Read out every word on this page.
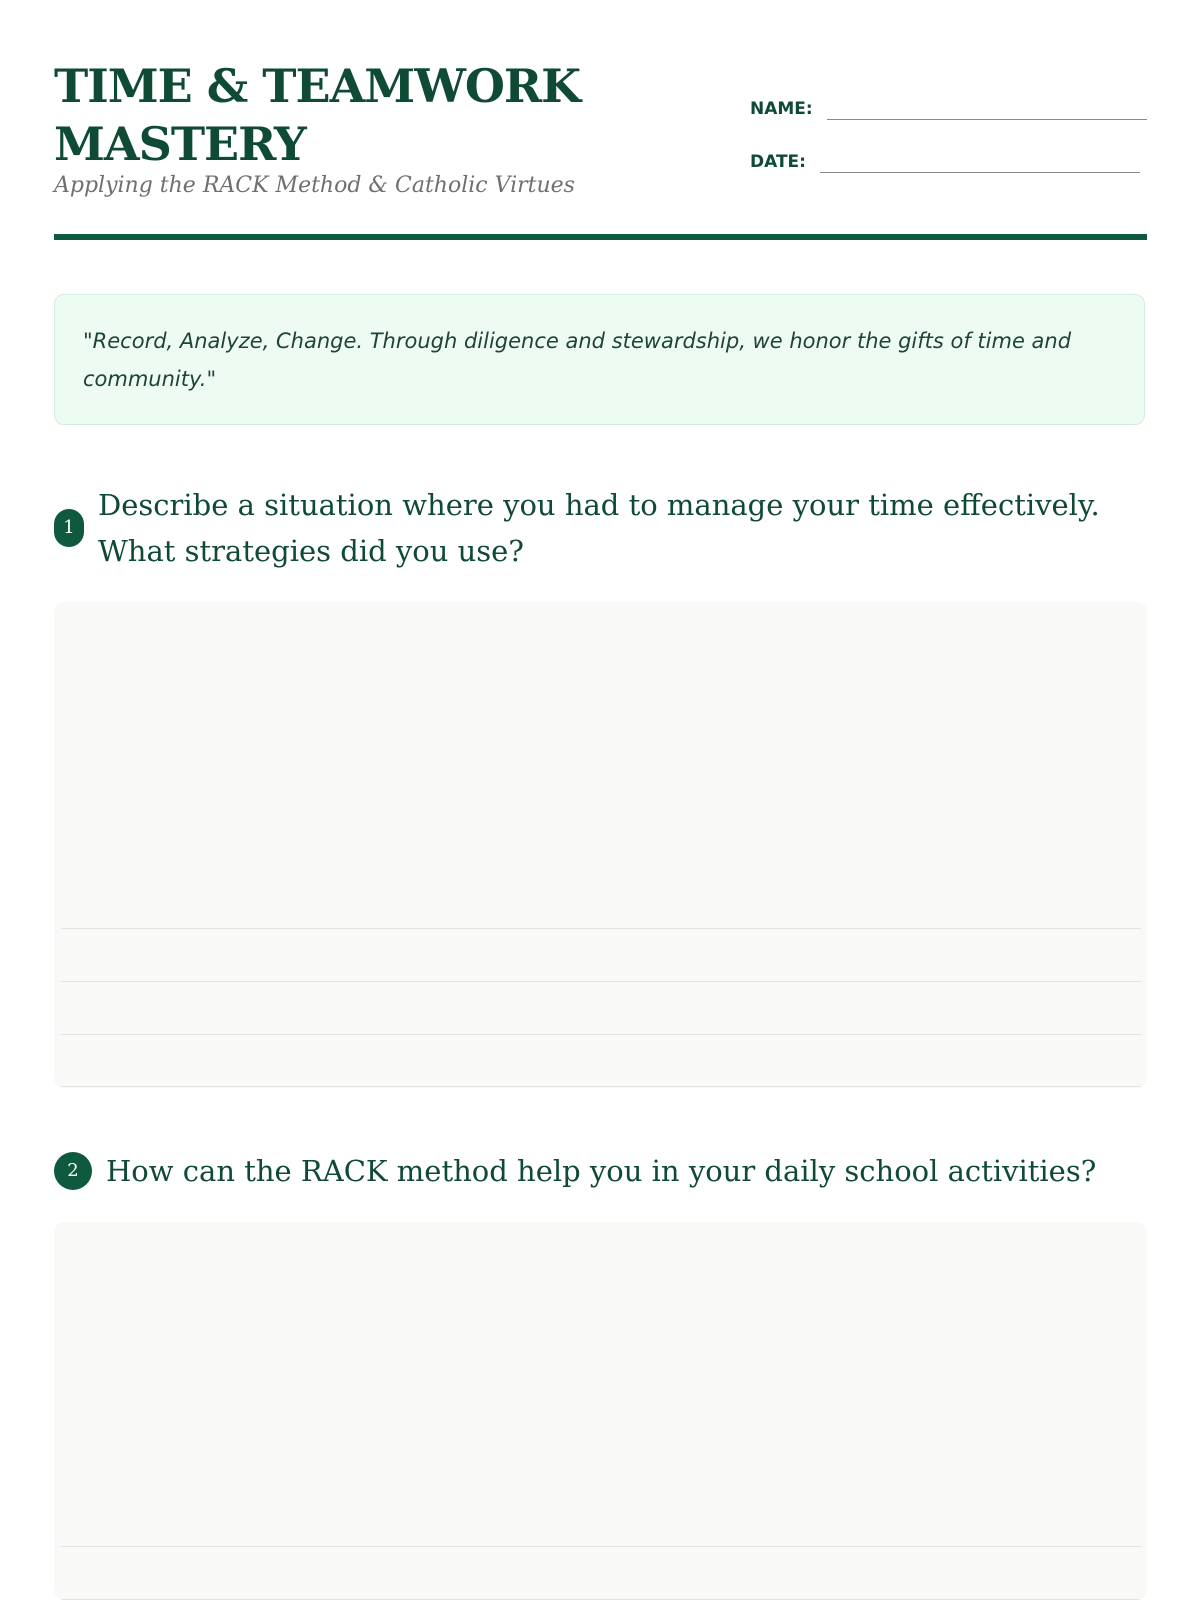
TIME & TEAMWORK
MASTERY
Applying the RACK Method & Catholic Virtues
NAME:
DATE:
"Record, Analyze, Change. Through diligence and stewardship, we honor the gifts of time and community."
1
Describe a situation where you had to manage your time effectively. What strategies did you use?
2 How can the RACK method help you in your daily school activities?
